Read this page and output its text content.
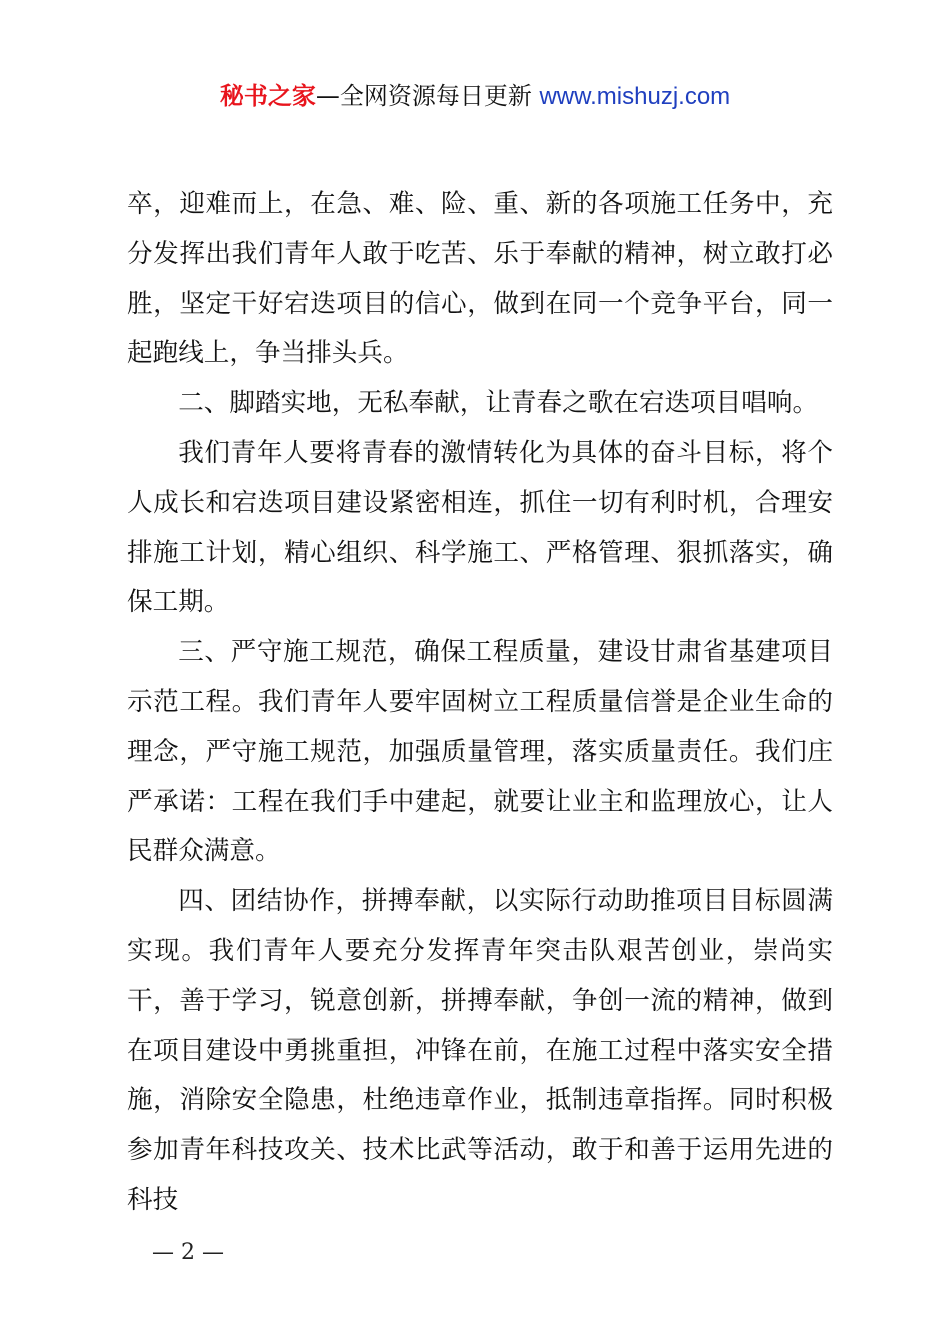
秘书之家—全网资源每日更新 www.mishuzj.com

卒，迎难而上，在急、难、险、重、新的各项施工任务中，充分发挥出我们青年人敢于吃苦、乐于奉献的精神，树立敢打必胜，坚定干好宕迭项目的信心，做到在同一个竞争平台，同一起跑线上，争当排头兵。

二、脚踏实地，无私奉献，让青春之歌在宕迭项目唱响。

我们青年人要将青春的激情转化为具体的奋斗目标，将个人成长和宕迭项目建设紧密相连，抓住一切有利时机，合理安排施工计划，精心组织、科学施工、严格管理、狠抓落实，确保工期。

三、严守施工规范，确保工程质量，建设甘肃省基建项目示范工程。我们青年人要牢固树立工程质量信誉是企业生命的理念，严守施工规范，加强质量管理，落实质量责任。我们庄严承诺：工程在我们手中建起，就要让业主和监理放心，让人民群众满意。

四、团结协作，拼搏奉献，以实际行动助推项目目标圆满实现。我们青年人要充分发挥青年突击队艰苦创业，崇尚实干，善于学习，锐意创新，拼搏奉献，争创一流的精神，做到在项目建设中勇挑重担，冲锋在前，在施工过程中落实安全措施，消除安全隐患，杜绝违章作业，抵制违章指挥。同时积极参加青年科技攻关、技术比武等活动，敢于和善于运用先进的科技

— 2 —
